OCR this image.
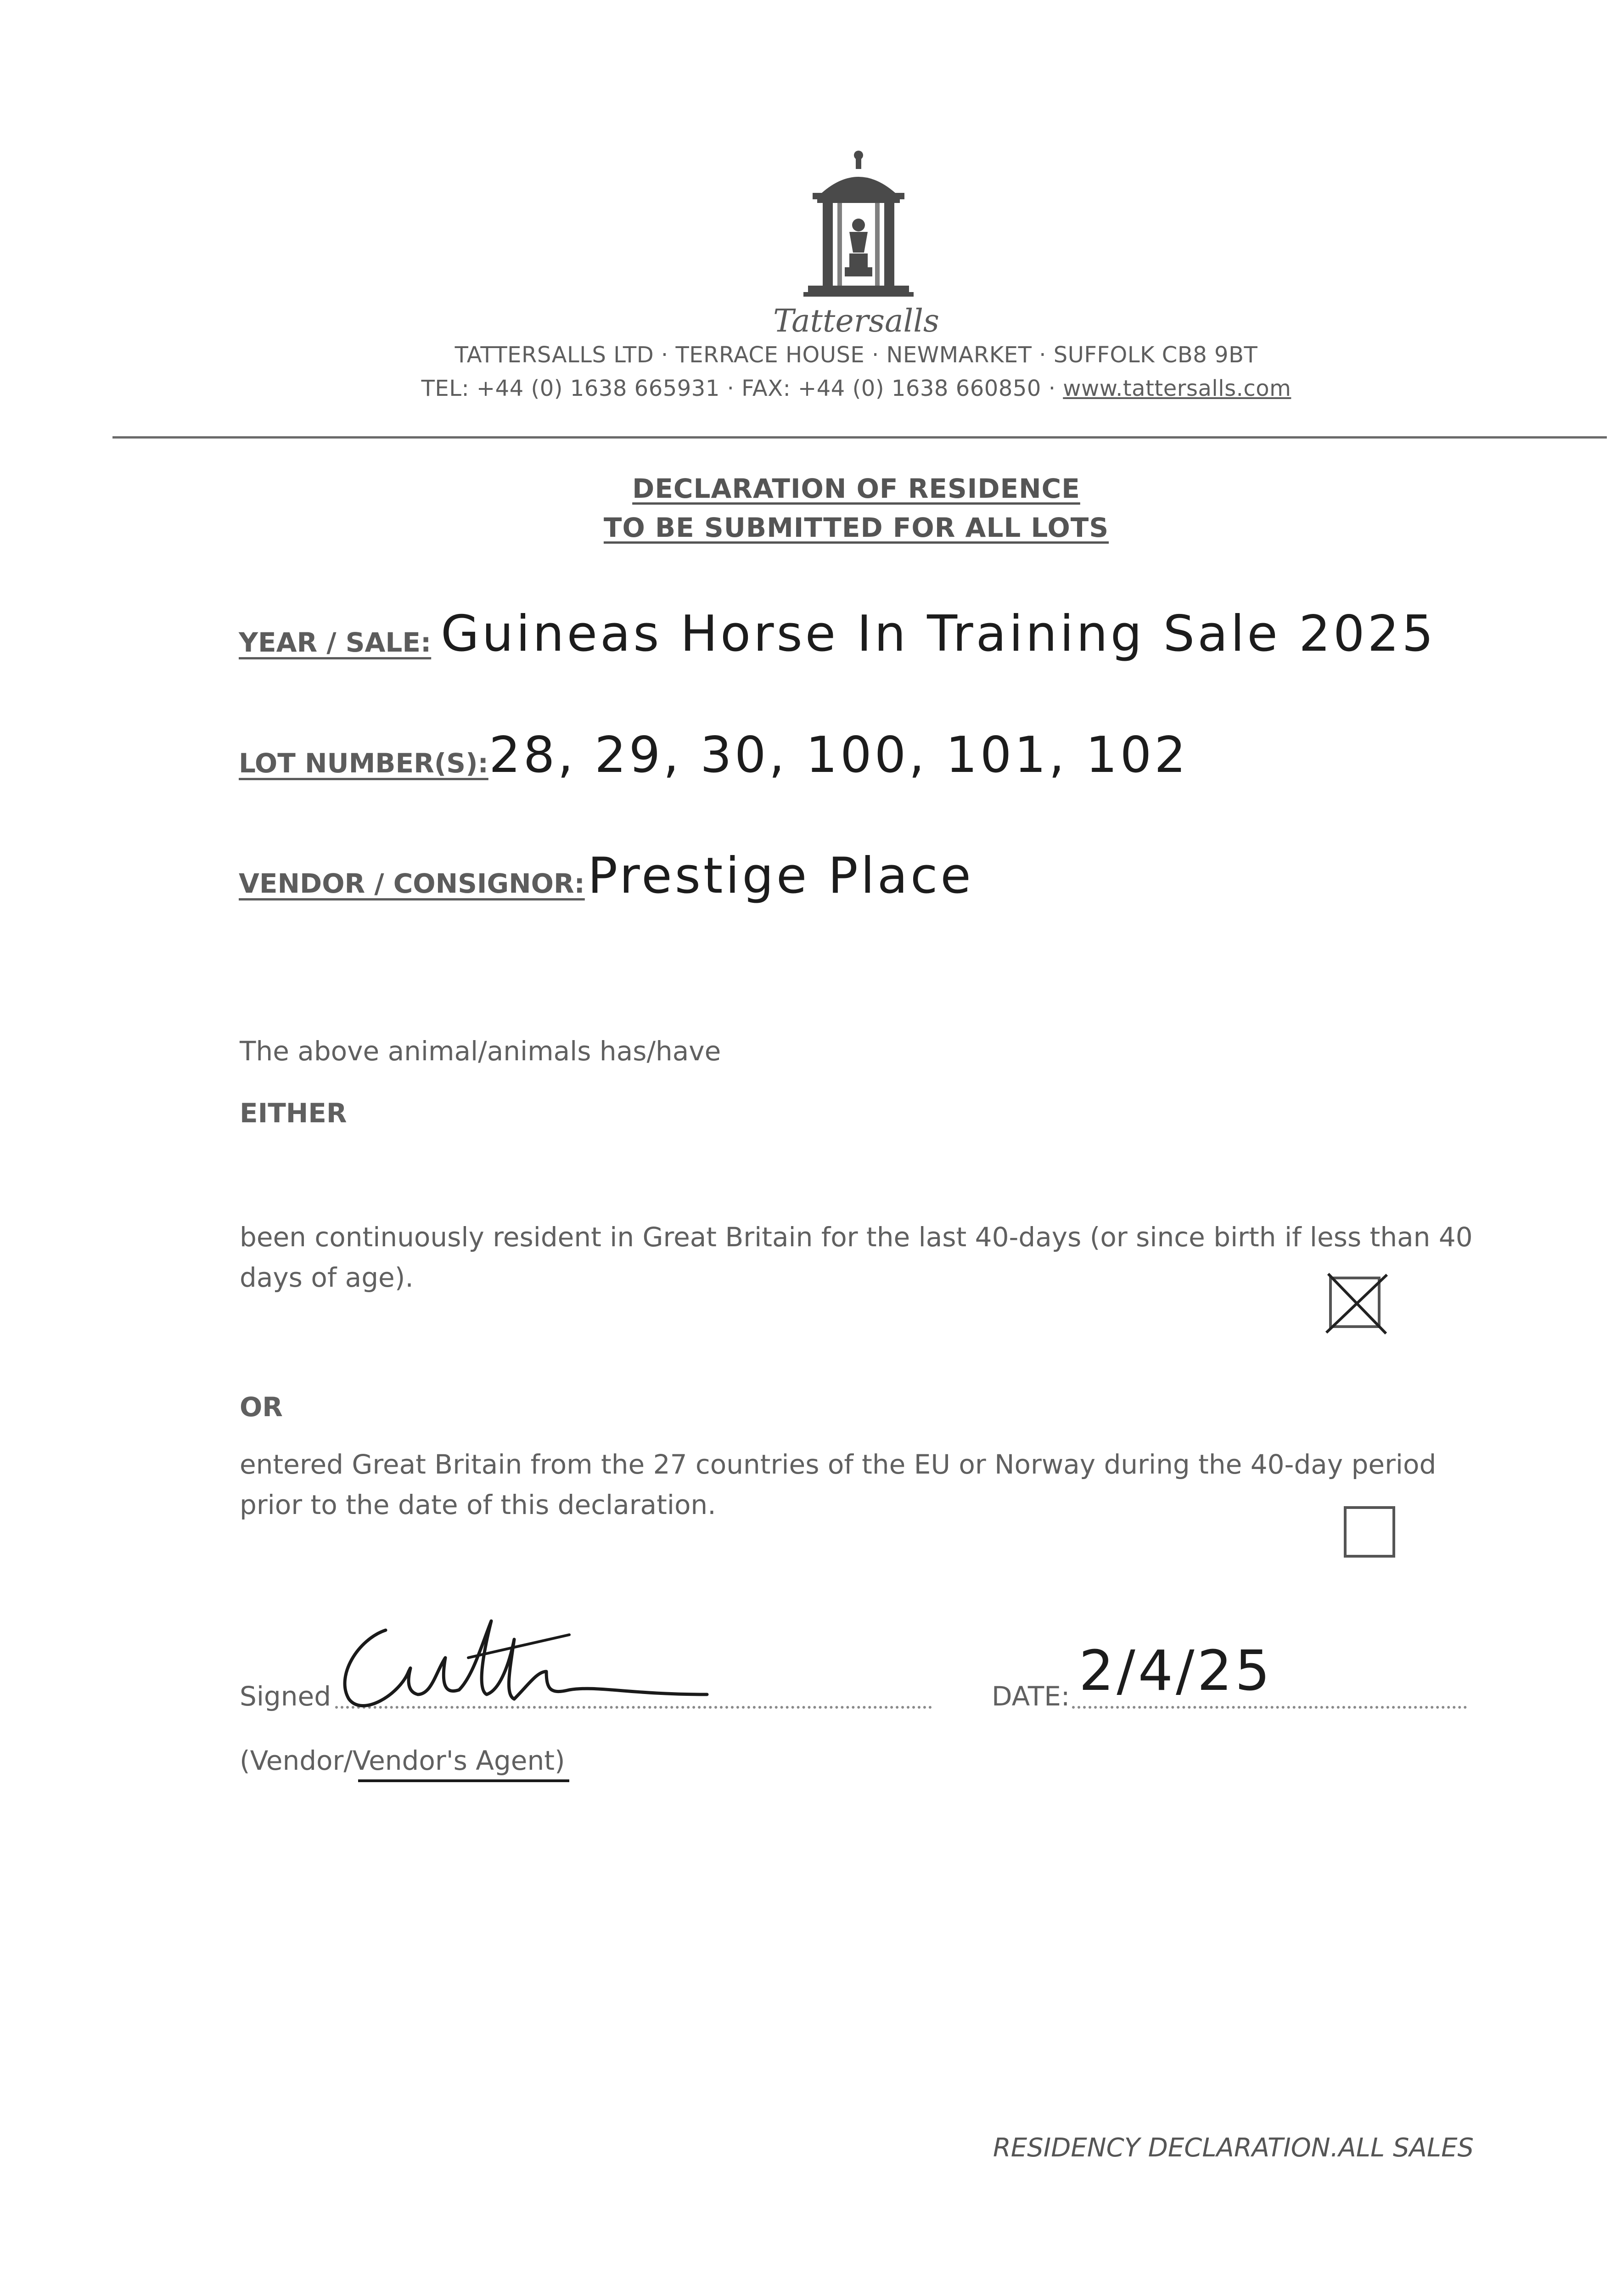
Tattersalls
TATTERSALLS LTD · TERRACE HOUSE · NEWMARKET · SUFFOLK CB8 9BT
TEL: +44 (0) 1638 665931 · FAX: +44 (0) 1638 660850 · www.tattersalls.com
DECLARATION OF RESIDENCE
TO BE SUBMITTED FOR ALL LOTS
YEAR / SALE: Guineas Horse In Training Sale 2025
LOT NUMBER(S): 28, 29, 30, 100, 101, 102
VENDOR / CONSIGNOR: Prestige Place
The above animal/animals has/have
EITHER
been continuously resident in Great Britain for the last 40-days (or since birth if less than 40 days of age).
OR
entered Great Britain from the 27 countries of the EU or Norway during the 40-day period prior to the date of this declaration.
Signed	DATE: 2/4/25
(Vendor/Vendor's Agent)
RESIDENCY DECLARATION.ALL SALES
